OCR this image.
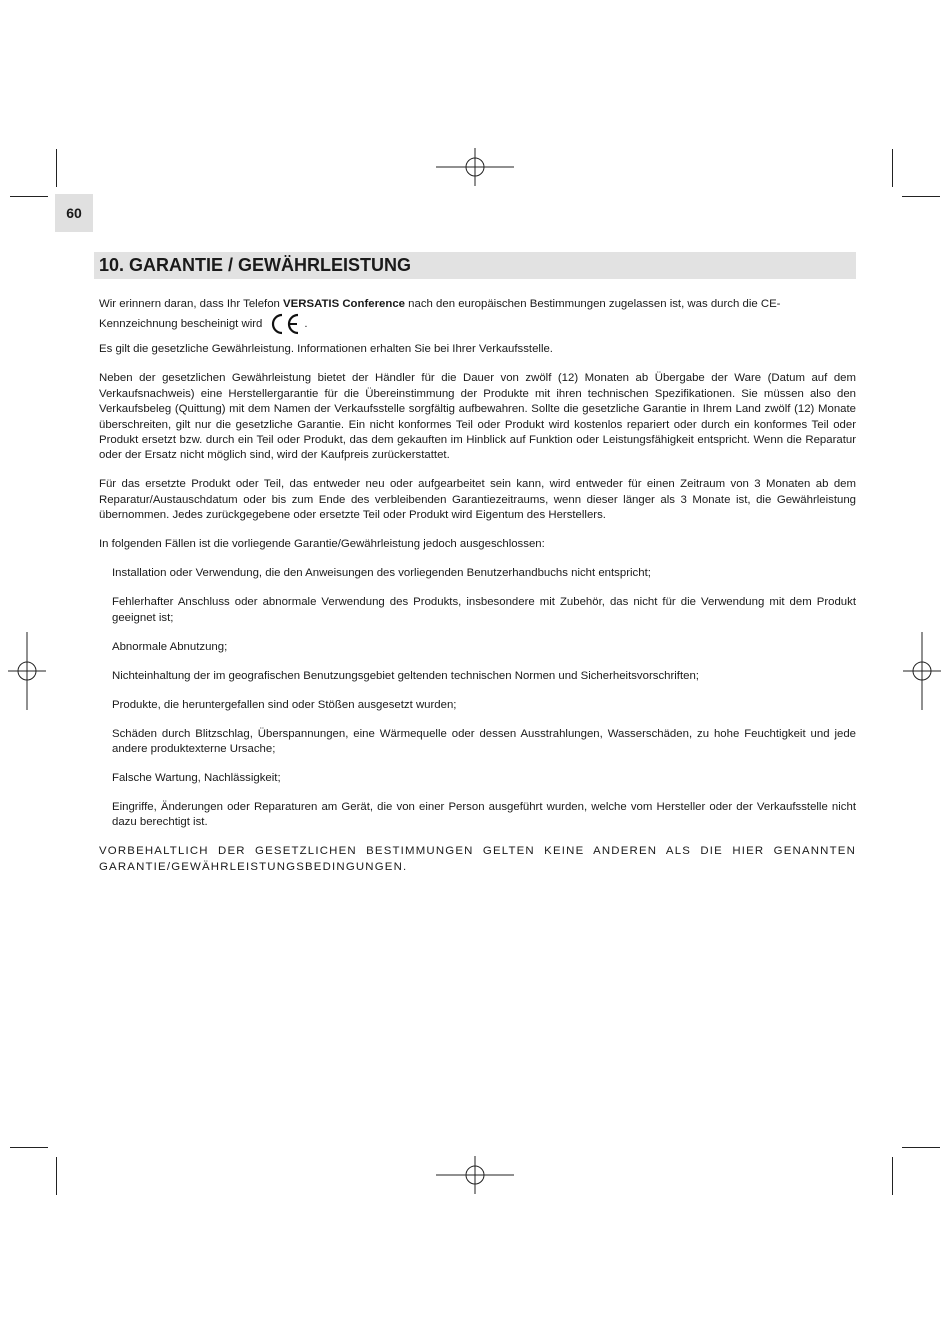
60
10. GARANTIE / GEWÄHRLEISTUNG

Wir erinnern daran, dass Ihr Telefon VERSATIS Conference nach den europäischen Bestimmungen zugelassen ist, was durch die CE-

Kennzeichnung bescheinigt wird	.

Es gilt die gesetzliche Gewährleistung. Informationen erhalten Sie bei Ihrer Verkaufsstelle.

Neben der gesetzlichen Gewährleistung bietet der Händler für die Dauer von zwölf (12) Monaten ab Übergabe der Ware (Datum auf dem Verkaufsnachweis) eine Herstellergarantie für die Übereinstimmung der Produkte mit ihren technischen Spezifikationen. Sie müssen also den Verkaufsbeleg (Quittung) mit dem Namen der Verkaufsstelle sorgfältig aufbewahren. Sollte die gesetzliche Garantie in Ihrem Land zwölf (12) Monate überschreiten, gilt nur die gesetzliche Garantie. Ein nicht konformes Teil oder Produkt wird kostenlos repariert oder durch ein konformes Teil oder Produkt ersetzt bzw. durch ein Teil oder Produkt, das dem gekauften im Hinblick auf Funktion oder Leistungsfähigkeit entspricht. Wenn die Reparatur oder der Ersatz nicht möglich sind, wird der Kaufpreis zurückerstattet.

Für das ersetzte Produkt oder Teil, das entweder neu oder aufgearbeitet sein kann, wird entweder für einen Zeitraum von 3 Monaten ab dem Reparatur/Austauschdatum oder bis zum Ende des verbleibenden Garantiezeitraums, wenn dieser länger als 3 Monate ist, die Gewährleistung übernommen. Jedes zurückgegebene oder ersetzte Teil oder Produkt wird Eigentum des Herstellers.

In folgenden Fällen ist die vorliegende Garantie/Gewährleistung jedoch ausgeschlossen:

Installation oder Verwendung, die den Anweisungen des vorliegenden Benutzerhandbuchs nicht entspricht;

Fehlerhafter Anschluss oder abnormale Verwendung des Produkts, insbesondere mit Zubehör, das nicht für die Verwendung mit dem Produkt geeignet ist;

Abnormale Abnutzung;

Nichteinhaltung der im geografischen Benutzungsgebiet geltenden technischen Normen und Sicherheitsvorschriften;

Produkte, die heruntergefallen sind oder Stößen ausgesetzt wurden;

Schäden durch Blitzschlag, Überspannungen, eine Wärmequelle oder dessen Ausstrahlungen, Wasserschäden, zu hohe Feuchtigkeit und jede andere produktexterne Ursache;

Falsche Wartung, Nachlässigkeit;

Eingriffe, Änderungen oder Reparaturen am Gerät, die von einer Person ausgeführt wurden, welche vom Hersteller oder der Verkaufsstelle nicht dazu berechtigt ist.

VORBEHALTLICH DER GESETZLICHEN BESTIMMUNGEN GELTEN KEINE ANDEREN ALS DIE HIER GENANNTEN GARANTIE/GEWÄHRLEISTUNGSBEDINGUNGEN.
